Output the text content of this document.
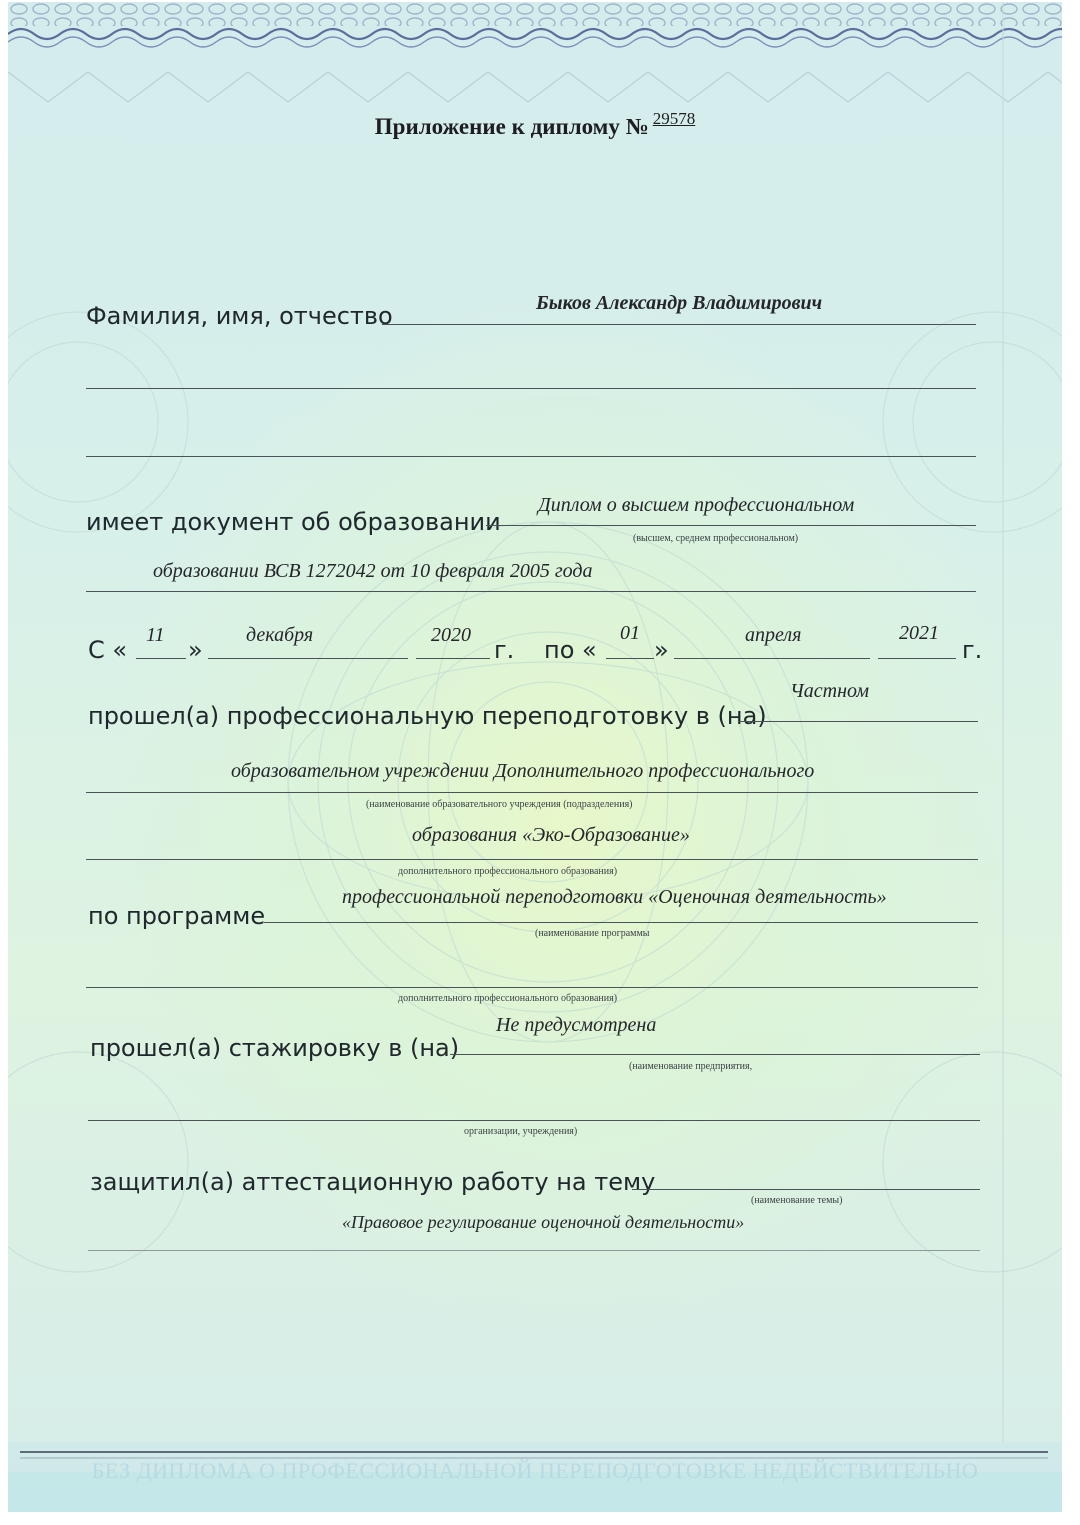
Приложение к диплому № $^{29578}$
Фамилия, имя, отчество	Быков Александр Владимирович
имеет документ об образовании
Диплом о высшем профессиональном
(высшем, среднем профессиональном)
образовании ВСВ 1272042 от 10 февраля 2005 года
С «
11
»
декабря	2020
г. по «
01
»
апреля	2021
г.
Частном
прошел(а) профессиональную переподготовку в (на)
образовательном учреждении Дополнительного профессионального
(наименование образовательного учреждения (подразделения)
образования «Эко-Образование»
дополнительного профессионального образования)
профессиональной переподготовки «Оценочная деятельность»
по программе
(наименование программы
дополнительного профессионального образования)
Не предусмотрена
прошел(а) стажировку в (на)
(наименование предприятия,
организации, учреждения)
защитил(а) аттестационную работу на тему
(наименование темы)
«Правовое регулирование оценочной деятельности»
БЕЗ ДИПЛОМА О ПРОФЕССИОНАЛЬНОЙ ПЕРЕПОДГОТОВКЕ НЕДЕЙСТВИТЕЛЬНО
